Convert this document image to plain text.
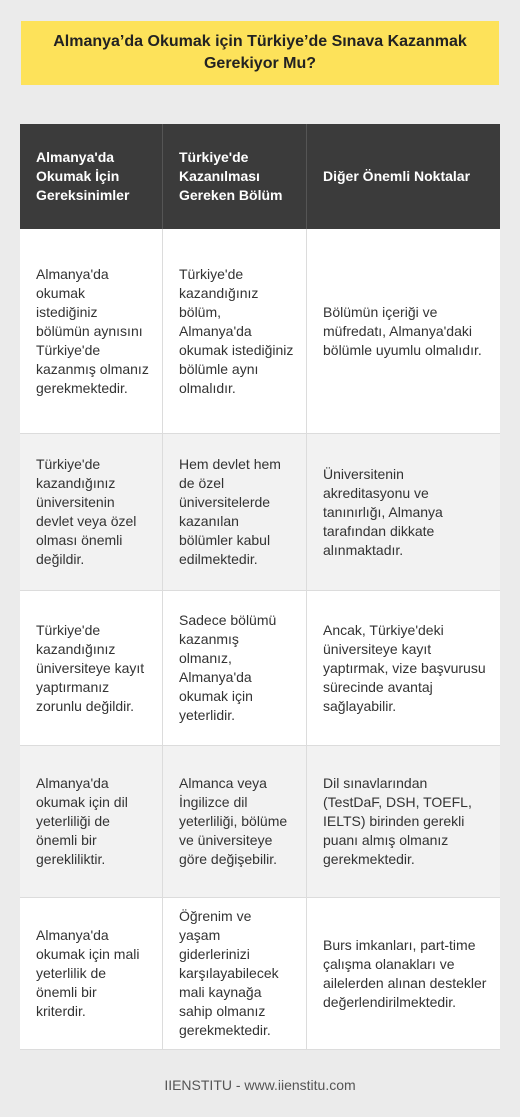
Almanya’da Okumak için Türkiye’de Sınava Kazanmak Gerekiyor Mu?
Almanya'da Okumak İçin Gereksinimler	Türkiye'de Kazanılması Gereken Bölüm	Diğer Önemli Noktalar
Almanya'da okumak istediğiniz bölümün aynısını Türkiye'de kazanmış olmanız gerekmektedir.	Türkiye'de kazandığınız bölüm, Almanya'da okumak istediğiniz bölümle aynı olmalıdır.	Bölümün içeriği ve müfredatı, Almanya'daki bölümle uyumlu olmalıdır.
Türkiye'de kazandığınız üniversitenin devlet veya özel olması önemli değildir.	Hem devlet hem de özel üniversitelerde kazanılan bölümler kabul edilmektedir.	Üniversitenin akreditasyonu ve tanınırlığı, Almanya tarafından dikkate alınmaktadır.
Türkiye'de kazandığınız üniversiteye kayıt yaptırmanız zorunlu değildir.	Sadece bölümü kazanmış olmanız, Almanya'da okumak için yeterlidir.	Ancak, Türkiye'deki üniversiteye kayıt yaptırmak, vize başvurusu sürecinde avantaj sağlayabilir.
Almanya'da okumak için dil yeterliliği de önemli bir gerekliliktir.	Almanca veya İngilizce dil yeterliliği, bölüme ve üniversiteye göre değişebilir.	Dil sınavlarından (TestDaF, DSH, TOEFL, IELTS) birinden gerekli puanı almış olmanız gerekmektedir.
Almanya'da okumak için mali yeterlilik de önemli bir kriterdir.	Öğrenim ve yaşam giderlerinizi karşılayabilecek mali kaynağa sahip olmanız gerekmektedir.	Burs imkanları, part-time çalışma olanakları ve ailelerden alınan destekler değerlendirilmektedir.
IIENSTITU - www.iienstitu.com
